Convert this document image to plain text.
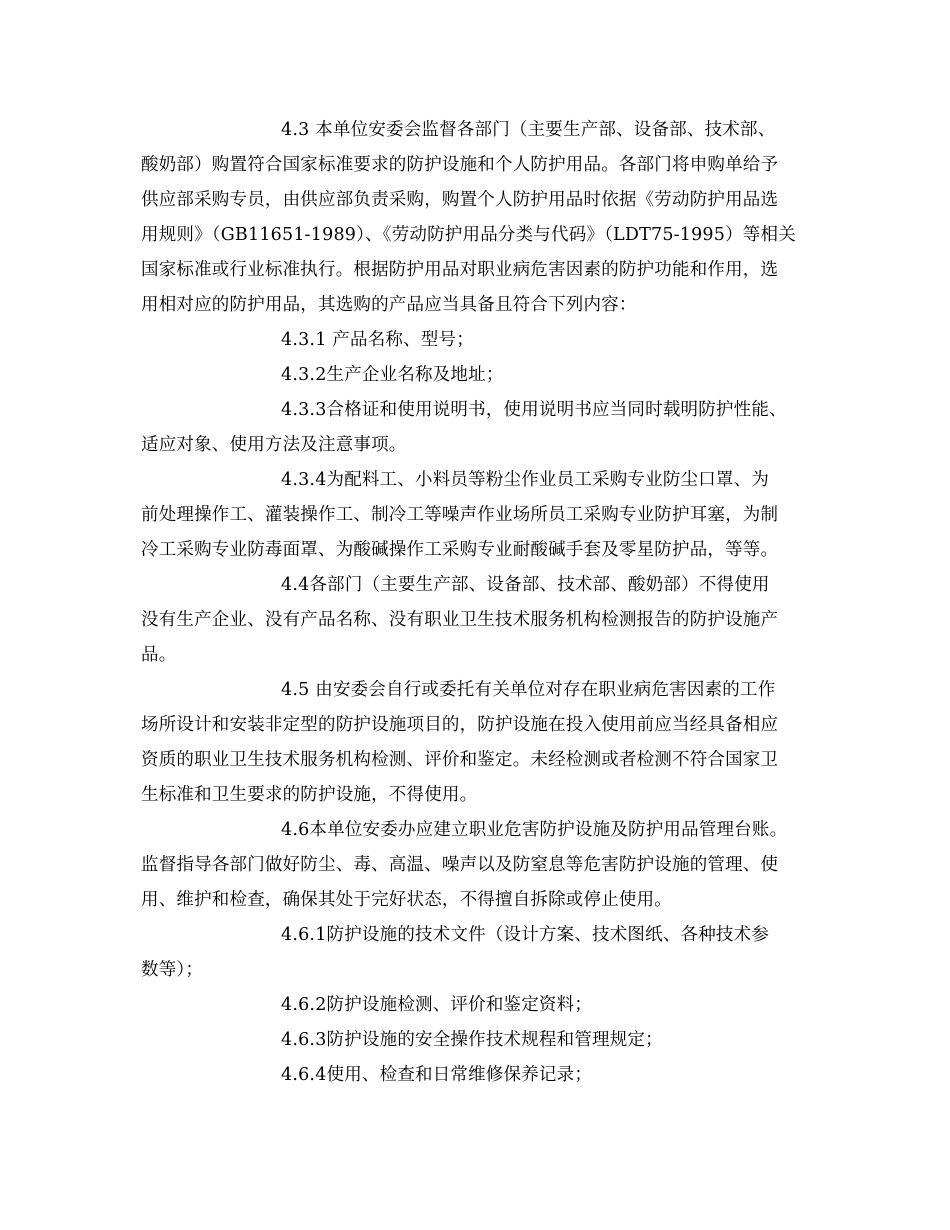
4.3 本单位安委会监督各部门（主要生产部、设备部、技术部、
酸奶部）购置符合国家标准要求的防护设施和个人防护用品。各部门将申购单给予
供应部采购专员，由供应部负责采购，购置个人防护用品时依据《劳动防护用品选
用规则》（GB11651-1989）、《劳动防护用品分类与代码》（LDT75-1995）等相关
国家标准或行业标准执行。根据防护用品对职业病危害因素的防护功能和作用，选
用相对应的防护用品，其选购的产品应当具备且符合下列内容：
4.3.1 产品名称、型号；
4.3.2生产企业名称及地址；
4.3.3合格证和使用说明书，使用说明书应当同时载明防护性能、
适应对象、使用方法及注意事项。
4.3.4为配料工、小料员等粉尘作业员工采购专业防尘口罩、为
前处理操作工、灌装操作工、制冷工等噪声作业场所员工采购专业防护耳塞，为制
冷工采购专业防毒面罩、为酸碱操作工采购专业耐酸碱手套及零星防护品，等等。
4.4各部门（主要生产部、设备部、技术部、酸奶部）不得使用
没有生产企业、没有产品名称、没有职业卫生技术服务机构检测报告的防护设施产
品。
4.5 由安委会自行或委托有关单位对存在职业病危害因素的工作
场所设计和安装非定型的防护设施项目的，防护设施在投入使用前应当经具备相应
资质的职业卫生技术服务机构检测、评价和鉴定。未经检测或者检测不符合国家卫
生标准和卫生要求的防护设施，不得使用。
4.6本单位安委办应建立职业危害防护设施及防护用品管理台账。
监督指导各部门做好防尘、毒、高温、噪声以及防窒息等危害防护设施的管理、使
用、维护和检查，确保其处于完好状态，不得擅自拆除或停止使用。
4.6.1防护设施的技术文件（设计方案、技术图纸、各种技术参
数等）；
4.6.2防护设施检测、评价和鉴定资料；
4.6.3防护设施的安全操作技术规程和管理规定；
4.6.4使用、检查和日常维修保养记录；
